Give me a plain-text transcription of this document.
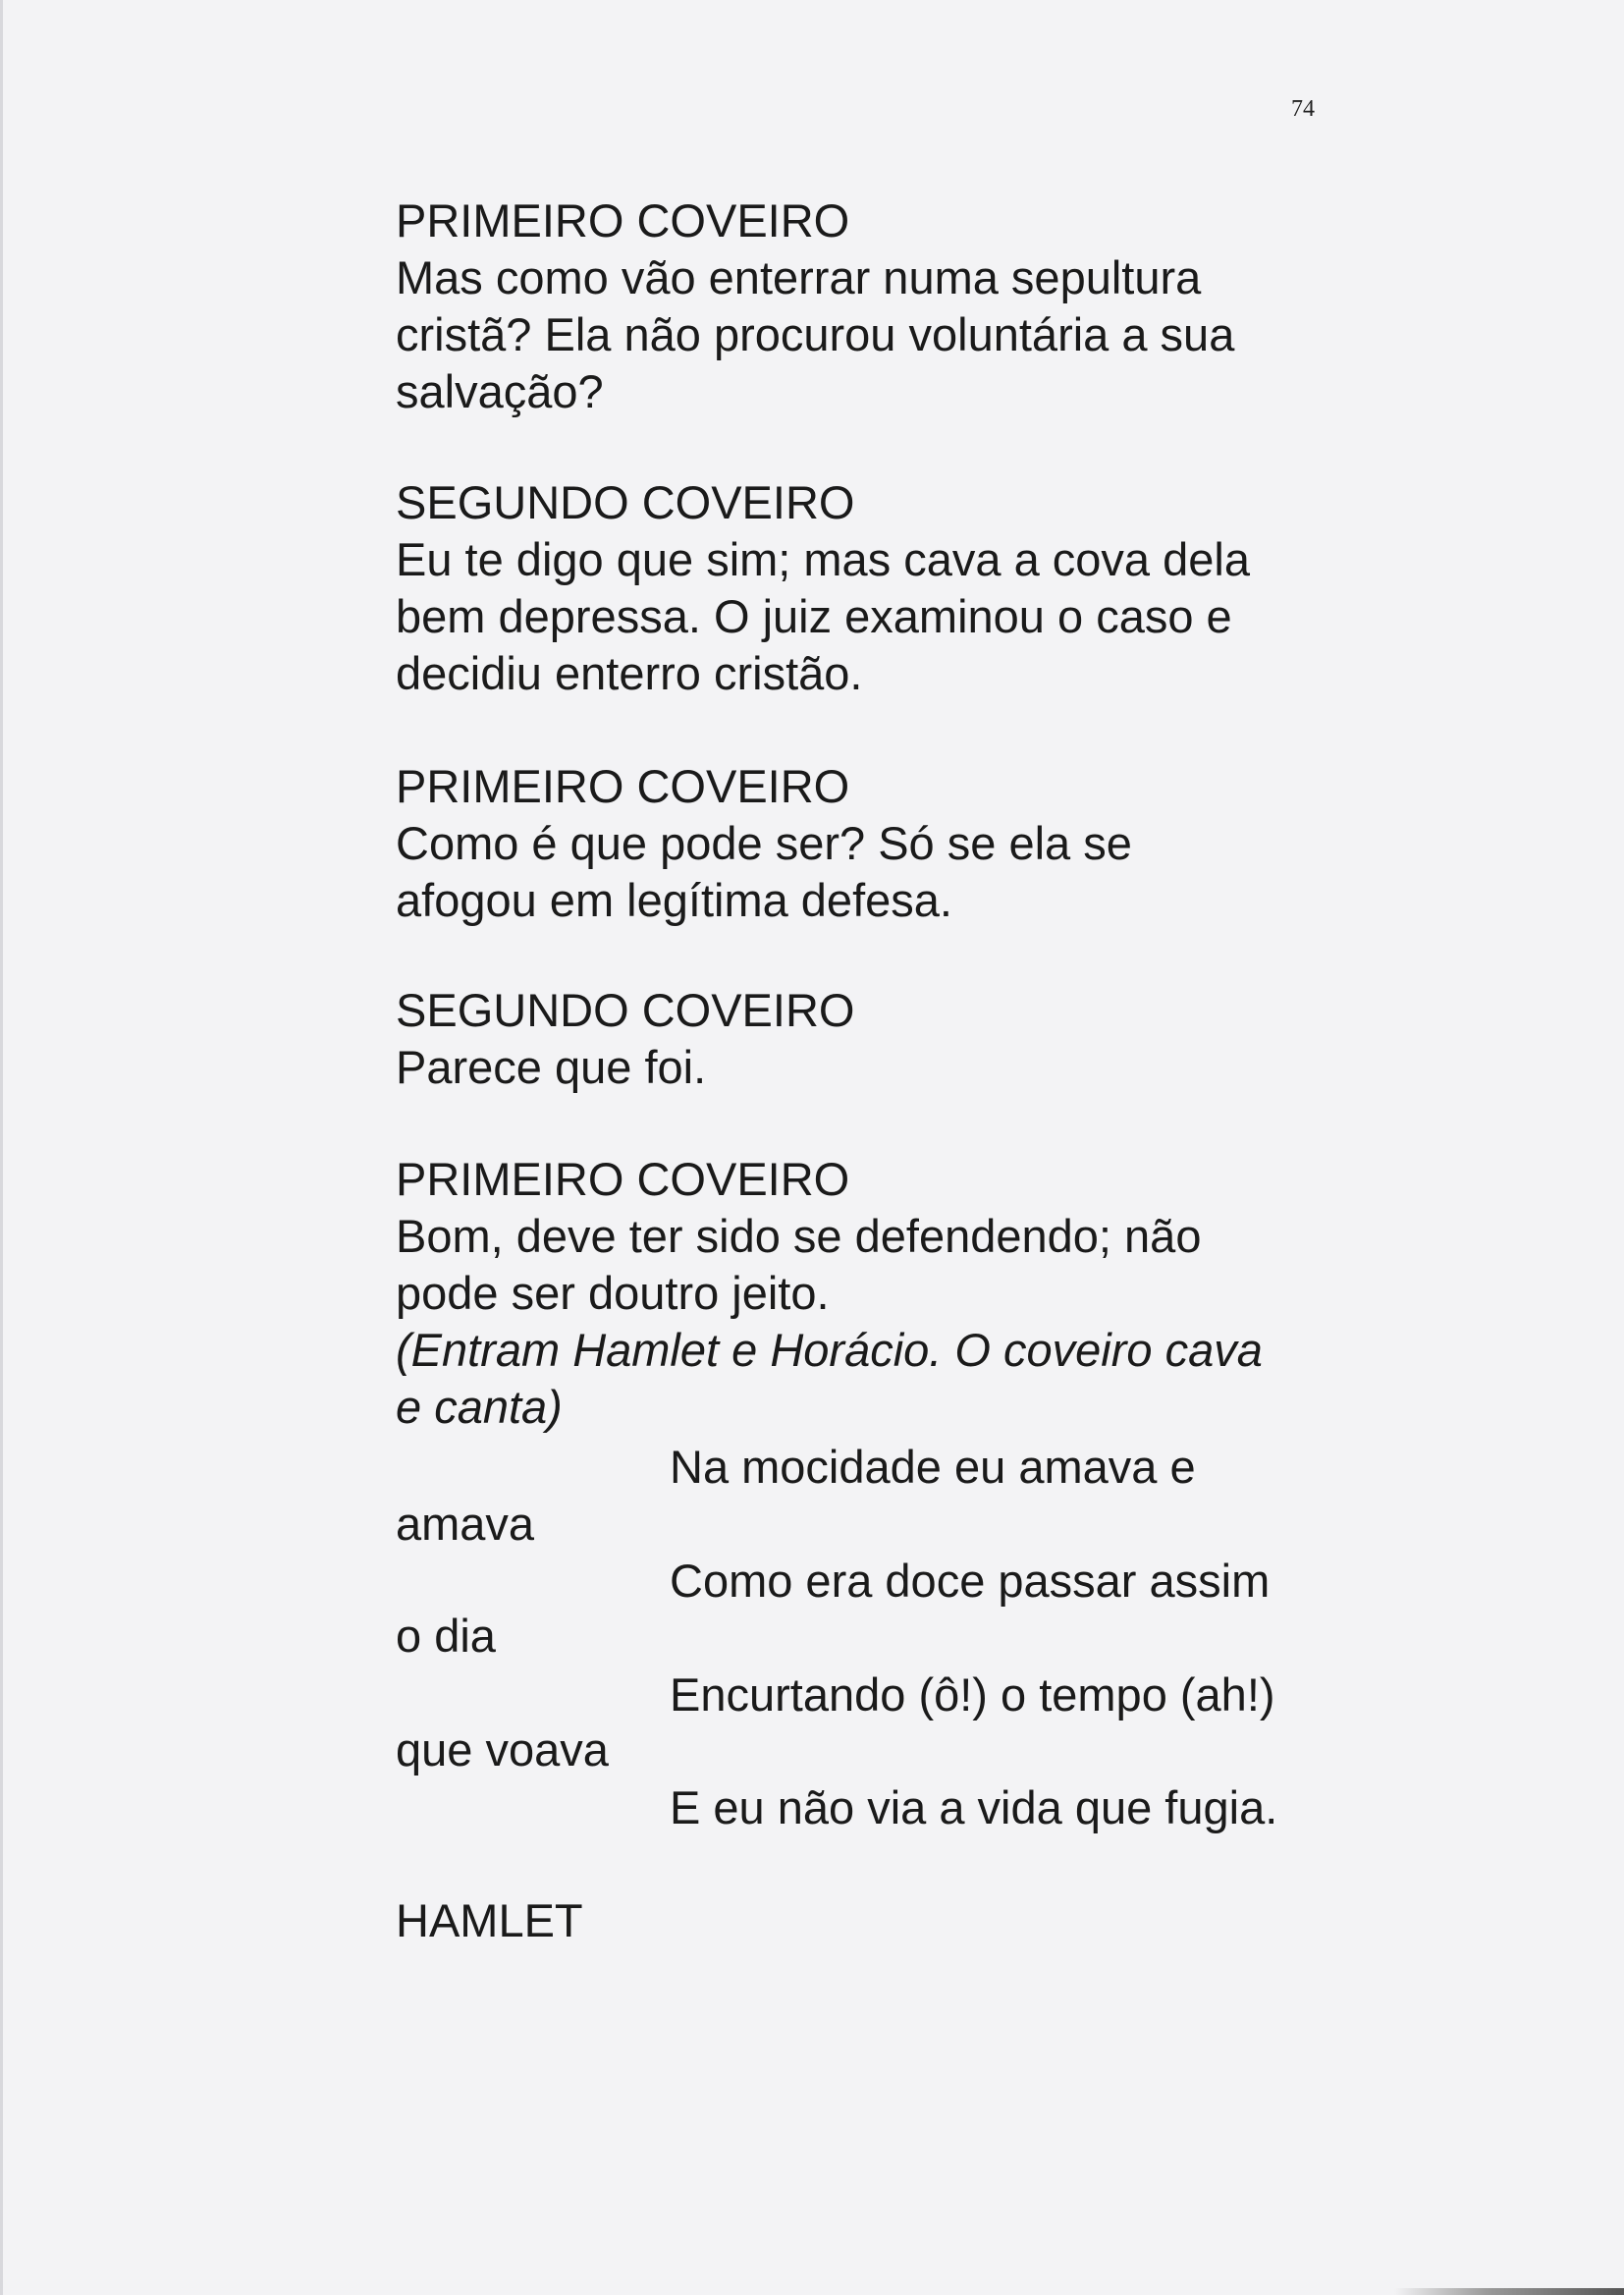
74
PRIMEIRO COVEIRO
Mas como vão enterrar numa sepultura
cristã? Ela não procurou voluntária a sua
salvação?
SEGUNDO COVEIRO
Eu te digo que sim; mas cava a cova dela
bem depressa. O juiz examinou o caso e
decidiu enterro cristão.
PRIMEIRO COVEIRO
Como é que pode ser? Só se ela se
afogou em legítima defesa.
SEGUNDO COVEIRO
Parece que foi.
PRIMEIRO COVEIRO
Bom, deve ter sido se defendendo; não
pode ser doutro jeito.
(Entram Hamlet e Horácio. O coveiro cava
e canta)
Na mocidade eu amava e
amava
Como era doce passar assim
o dia
Encurtando (ô!) o tempo (ah!)
que voava
E eu não via a vida que fugia.
HAMLET
